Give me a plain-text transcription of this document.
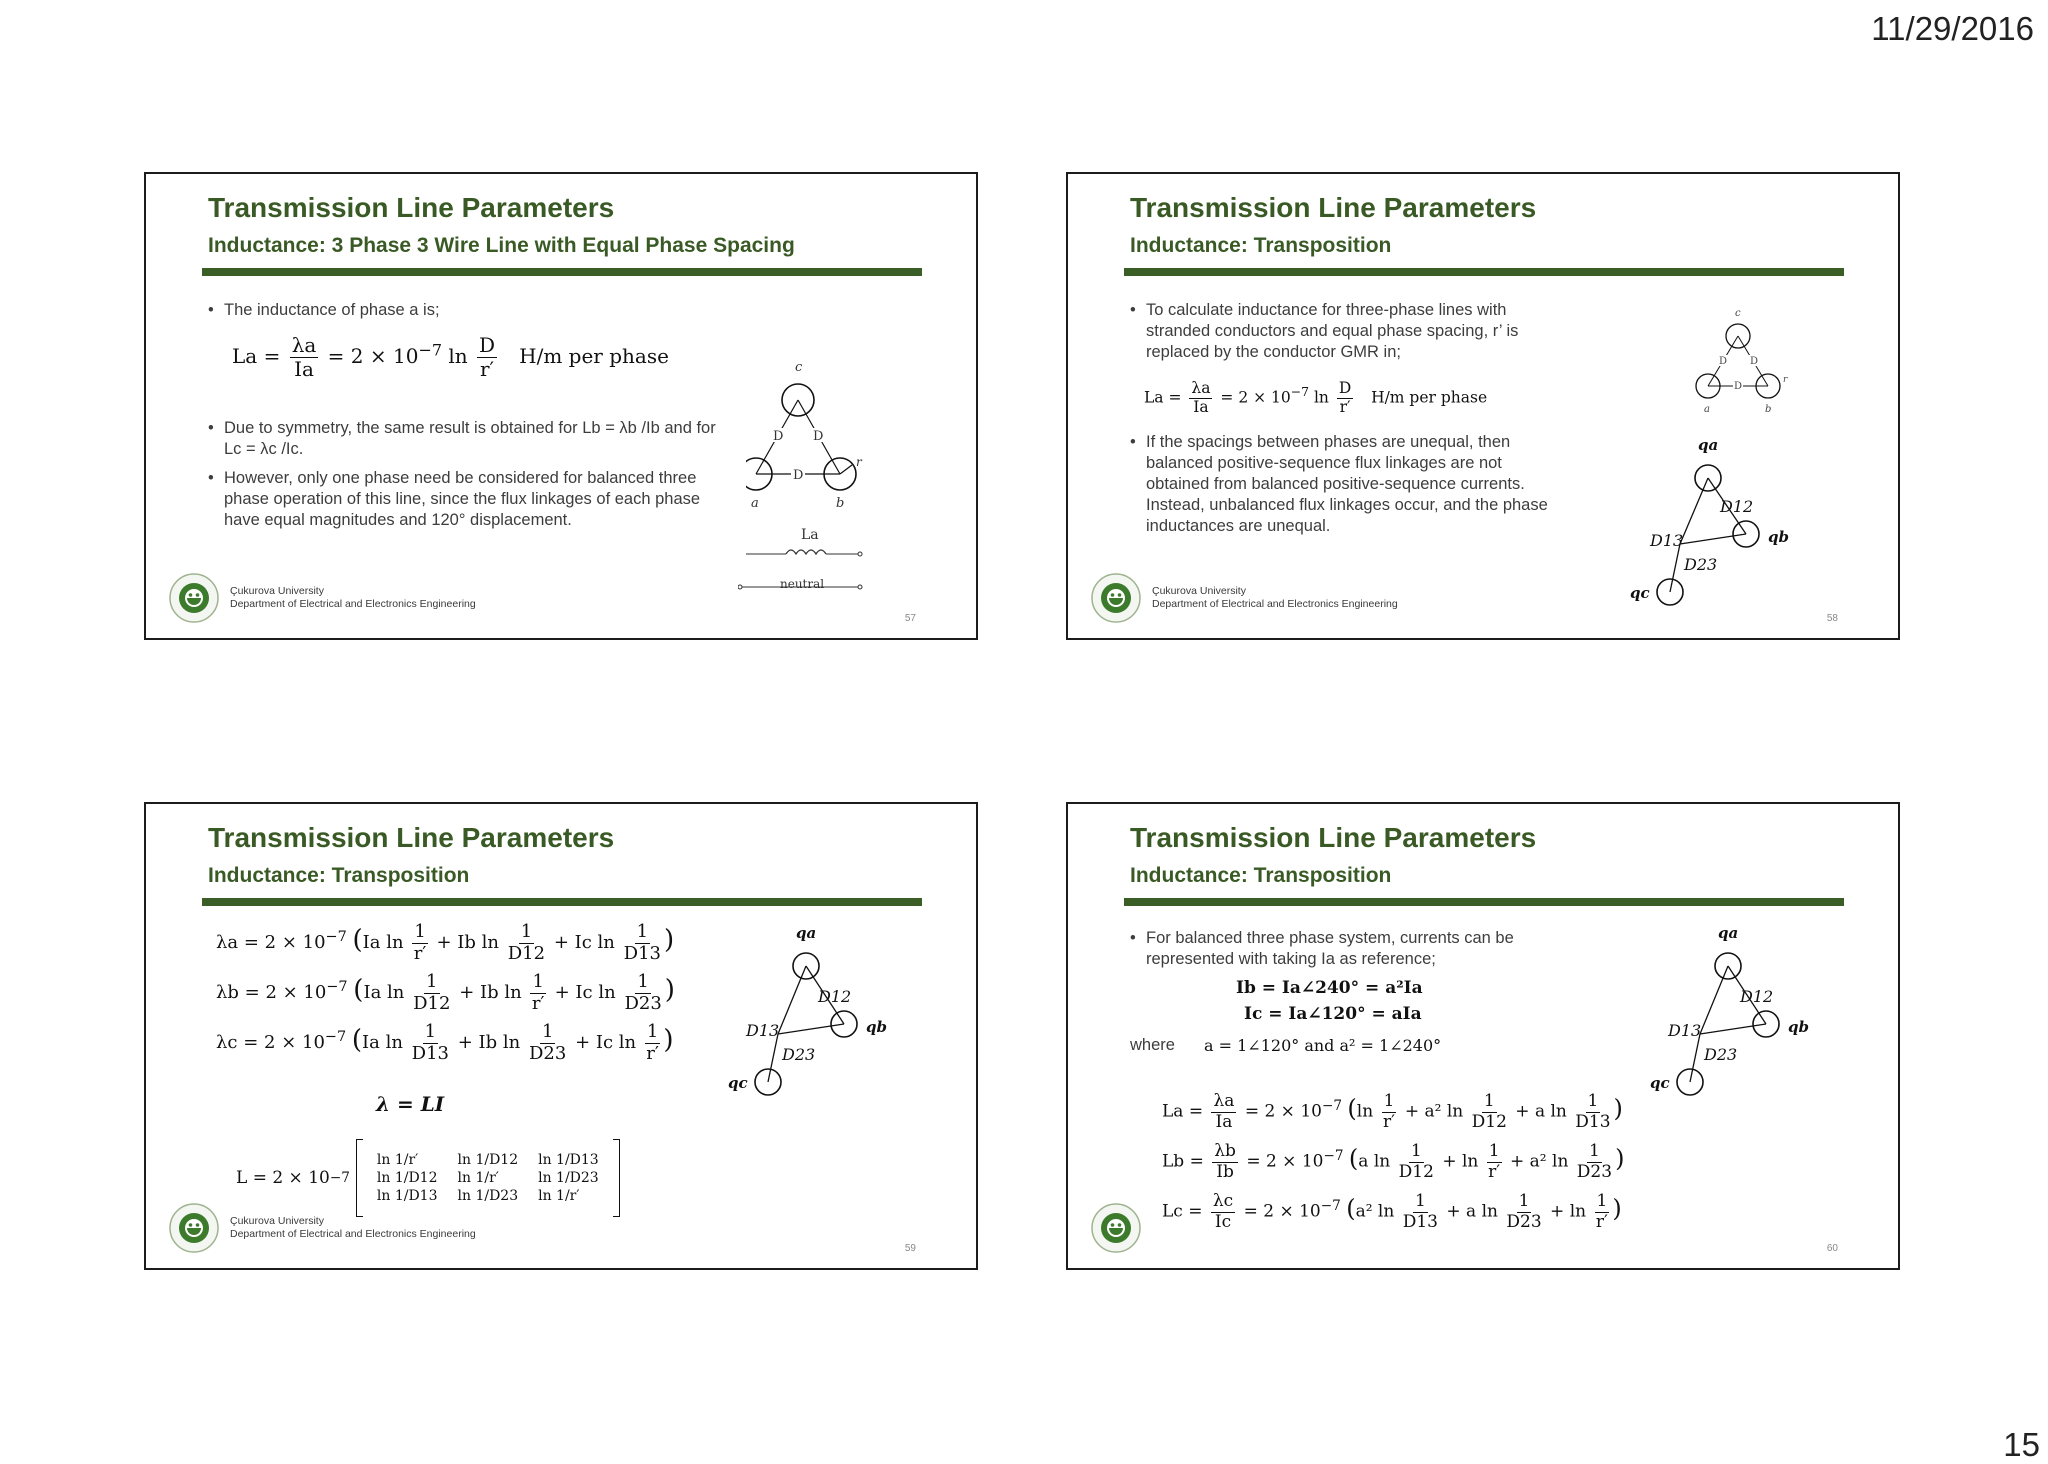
11/29/2016
Transmission Line Parameters
Inductance: 3 Phase 3 Wire Line with Equal Phase Spacing
• The inductance of phase a is;
$La = \frac{\lambda a}{Ia} = 2 \times 10^{-7}$ $\ln \frac{D}{r'} H/m$ per phase
• Due to symmetry, the same result is obtained for Lb = λb /Ib and for Lc = λc /Ic.
• However, only one phase need be considered for balanced three phase operation of this line, since the flux linkages of each phase have equal magnitudes and 120° displacement.
c
D D
D
r
a	b
La
neutral
Çukurova University
Department of Electrical and Electronics Engineering
57
Transmission Line Parameters
Inductance: Transposition
• To calculate inductance for three-phase lines with stranded conductors and equal phase spacing, r’ is replaced by the conductor GMR in;
$La = \frac{\lambda a}{Ia} = 2 \times 10^{-7}$ $\ln \frac{D}{r'} H/m$ per phase
• If the spacings between phases are unequal, then balanced positive-sequence flux linkages are not obtained from balanced positive-sequence currents. Instead, unbalanced flux linkages occur, and the phase inductances are unequal.
c
D D
D
r
a	b
qa
qb
qc
D12
D13
D23
Çukurova University
Department of Electrical and Electronics Engineering
58
Transmission Line Parameters
Inductance: Transposition
$\lambda a = 2 \times 10^{-7}$ (Ia $\ln \frac{1}{r'} + Ib$ $\ln \frac{1}{D12} + Ic$ $\ln \frac{1}{D13}$ )
$\lambda b = 2 \times 10^{-7}$ (Ia $\ln \frac{1}{D12} + Ib$ $\ln \frac{1}{r'} + Ic$ $\ln \frac{1}{D23}$ )
$\lambda c = 2 \times 10^{-7}$ (Ia $\ln \frac{1}{D13} + Ib$ $\ln \frac{1}{D23} + Ic$ $\ln \frac{1}{r'}$ )
λ = LI
L = 2 × 10 −7
ln 1/r′	ln 1/D12	ln 1/D13
ln 1/D12	ln 1/r′	ln 1/D23
ln 1/D13	ln 1/D23	ln 1/r′
qa
qb
qc
D12
D13
D23
Çukurova University
Department of Electrical and Electronics Engineering
59
Transmission Line Parameters
Inductance: Transposition
• For balanced three phase system, currents can be represented with taking Ia as reference;
Ib = Ia∠240° = a²Ia
Ic = Ia∠120° = aIa
where a = 1∠120° and a² = 1∠240°
$La = \frac{\lambda a}{Ia} = 2 \times 10^{-7}$ ($\ln \frac{1}{r'} + a^2$ $\ln \frac{1}{D12} + a$ $\ln \frac{1}{D13}$ )
$Lb = \frac{\lambda b}{Ib} = 2 \times 10^{-7}$ (a $\ln \frac{1}{D12} + \ln \frac{1}{r'} + a^2$ $\ln \frac{1}{D23}$ )
$Lc = \frac{\lambda c}{Ic} = 2 \times 10^{-7}$ (a² $\ln \frac{1}{D13} + a$ $\ln \frac{1}{D23} + \ln \frac{1}{r'}$ )
qa
qb
qc
D12
D13
D23
60
15
